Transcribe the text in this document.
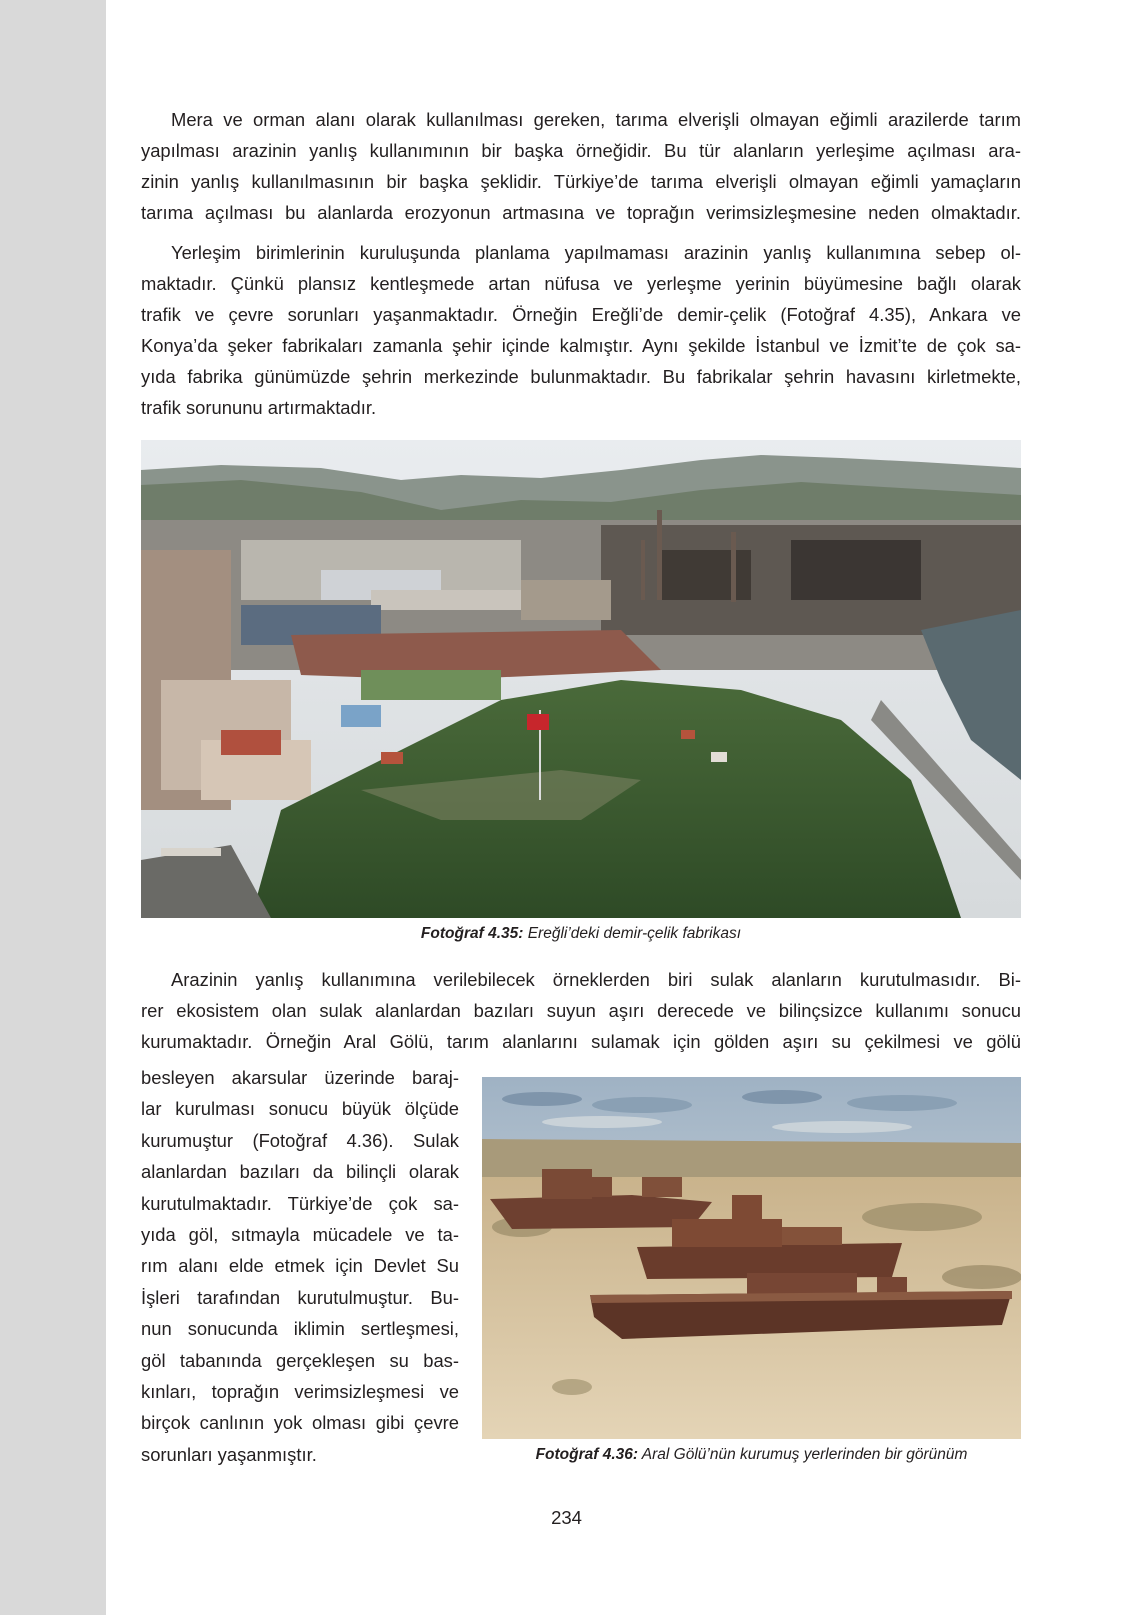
Mera ve orman alanı olarak kullanılması gereken, tarıma elverişli olmayan eğimli arazilerde tarım
yapılması arazinin yanlış kullanımının bir başka örneğidir. Bu tür alanların yerleşime açılması ara-
zinin yanlış kullanılmasının bir başka şeklidir. Türkiye’de tarıma elverişli olmayan eğimli yamaçların
tarıma açılması bu alanlarda erozyonun artmasına ve toprağın verimsizleşmesine neden olmaktadır.
Yerleşim birimlerinin kuruluşunda planlama yapılmaması arazinin yanlış kullanımına sebep ol-
maktadır. Çünkü plansız kentleşmede artan nüfusa ve yerleşme yerinin büyümesine bağlı olarak
trafik ve çevre sorunları yaşanmaktadır. Örneğin Ereğli’de demir-çelik (Fotoğraf 4.35), Ankara ve
Konya’da şeker fabrikaları zamanla şehir içinde kalmıştır. Aynı şekilde İstanbul ve İzmit’te de çok sa-
yıda fabrika günümüzde şehrin merkezinde bulunmaktadır. Bu fabrikalar şehrin havasını kirletmekte,
trafik sorununu artırmaktadır.
Fotoğraf 4.35: Ereğli’deki demir-çelik fabrikası
Arazinin yanlış kullanımına verilebilecek örneklerden biri sulak alanların kurutulmasıdır. Bi-
rer ekosistem olan sulak alanlardan bazıları suyun aşırı derecede ve bilinçsizce kullanımı sonucu
kurumaktadır. Örneğin Aral Gölü, tarım alanlarını sulamak için gölden aşırı su çekilmesi ve gölü
besleyen akarsular üzerinde baraj-
lar kurulması sonucu büyük ölçüde
kurumuştur (Fotoğraf 4.36). Sulak
alanlardan bazıları da bilinçli olarak
kurutulmaktadır. Türkiye’de çok sa-
yıda göl, sıtmayla mücadele ve ta-
rım alanı elde etmek için Devlet Su
İşleri tarafından kurutulmuştur. Bu-
nun sonucunda iklimin sertleşmesi,
göl tabanında gerçekleşen su bas-
kınları, toprağın verimsizleşmesi ve
birçok canlının yok olması gibi çevre
sorunları yaşanmıştır.	Fotoğraf 4.36: Aral Gölü’nün kurumuş yerlerinden bir görünüm
234
